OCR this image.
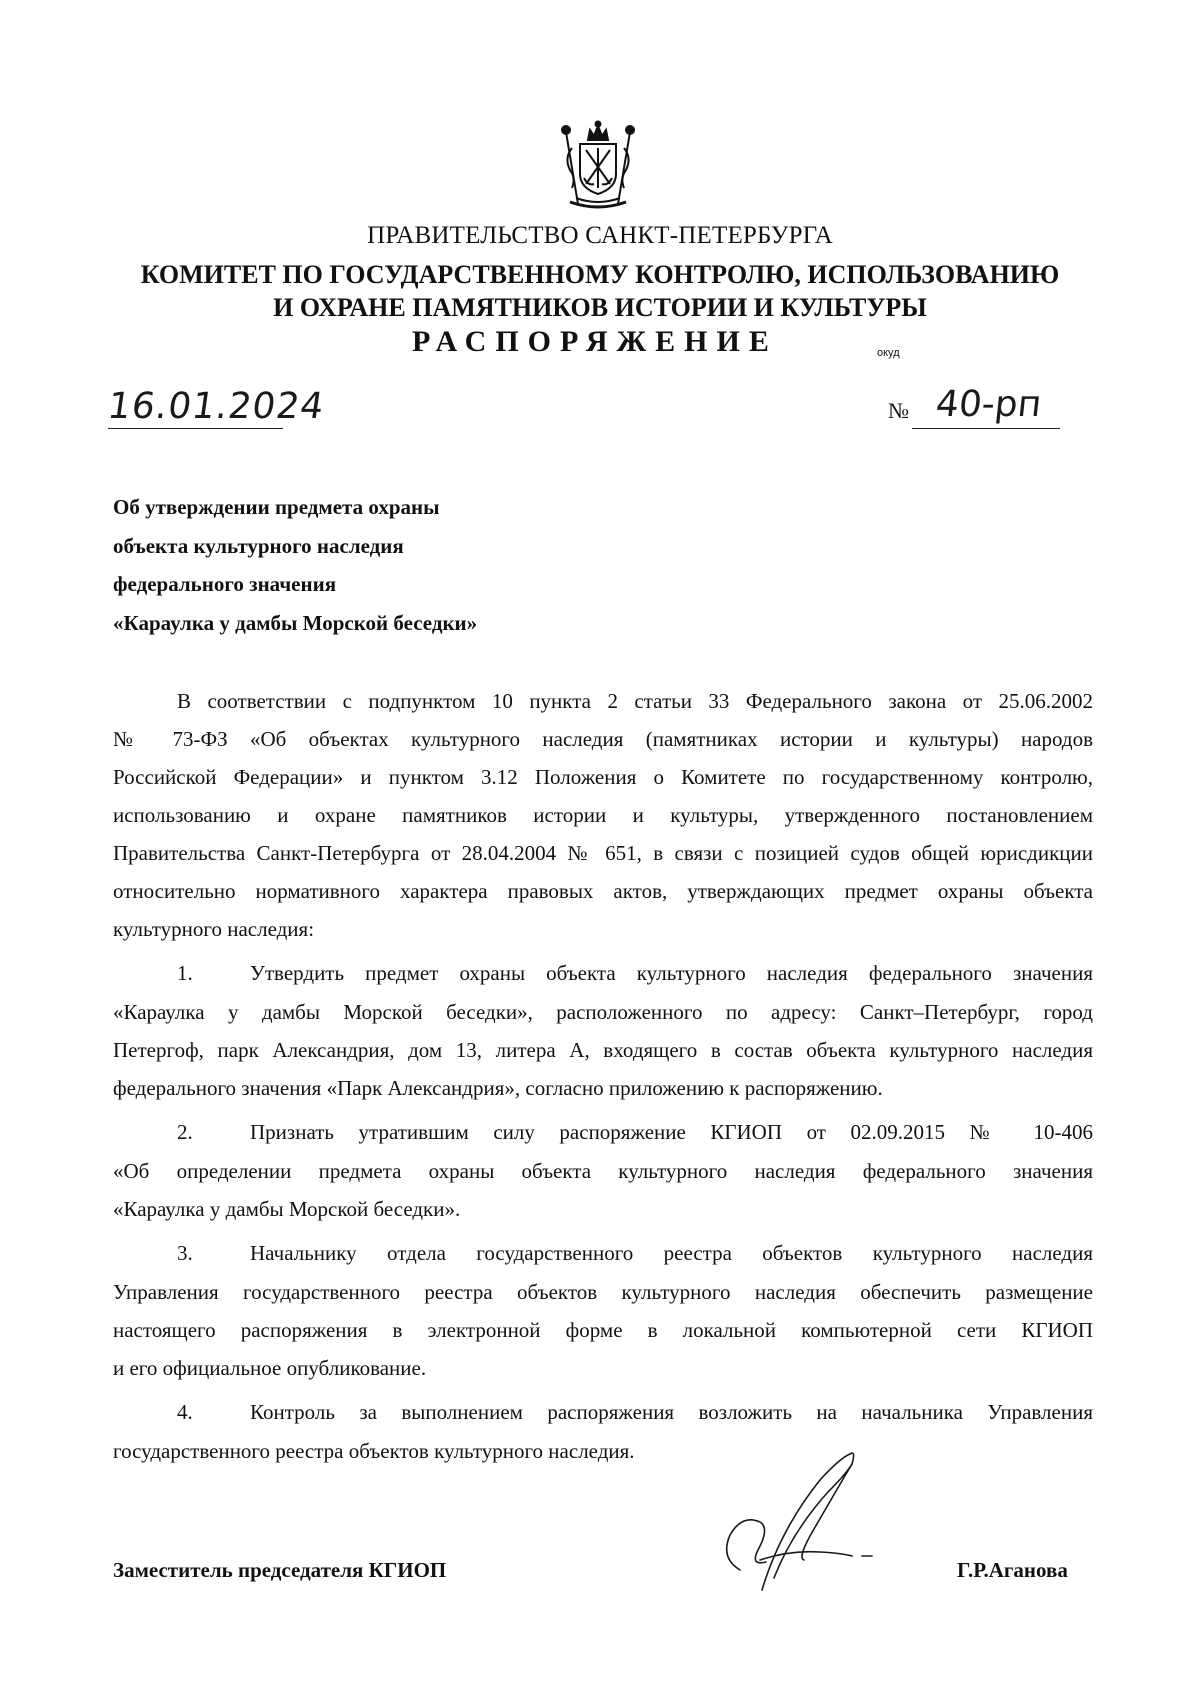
ПРАВИТЕЛЬСТВО САНКТ-ПЕТЕРБУРГА
КОМИТЕТ ПО ГОСУДАРСТВЕННОМУ КОНТРОЛЮ, ИСПОЛЬЗОВАНИЮ
И ОХРАНЕ ПАМЯТНИКОВ ИСТОРИИ И КУЛЬТУРЫ
РАСПОРЯЖЕНИЕ	окуд
16.01.2024	№ 40-рп
Об утверждении предмета охраны
объекта культурного наследия
федерального значения
«Караулка у дамбы Морской беседки»
В соответствии с подпунктом 10 пункта 2 статьи 33 Федерального закона от 25.06.2002
№ 73-ФЗ «Об объектах культурного наследия (памятниках истории и культуры) народов
Российской Федерации» и пунктом 3.12 Положения о Комитете по государственному контролю,
использованию и охране памятников истории и культуры, утвержденного постановлением
Правительства Санкт-Петербурга от 28.04.2004 № 651, в связи с позицией судов общей юрисдикции
относительно нормативного характера правовых актов, утверждающих предмет охраны объекта
культурного наследия:
1.	Утвердить предмет охраны объекта культурного наследия федерального значения
«Караулка у дамбы Морской беседки», расположенного по адресу: Санкт–Петербург, город
Петергоф, парк Александрия, дом 13, литера А, входящего в состав объекта культурного наследия
федерального значения «Парк Александрия», согласно приложению к распоряжению.
2.	Признать утратившим силу распоряжение КГИОП от 02.09.2015 № 10-406
«Об определении предмета охраны объекта культурного наследия федерального значения
«Караулка у дамбы Морской беседки».
3.	Начальнику отдела государственного реестра объектов культурного наследия
Управления государственного реестра объектов культурного наследия обеспечить размещение
настоящего распоряжения в электронной форме в локальной компьютерной сети КГИОП
и его официальное опубликование.
4.	Контроль за выполнением распоряжения возложить на начальника Управления
государственного реестра объектов культурного наследия.
Заместитель председателя КГИОП	Г.Р.Аганова
